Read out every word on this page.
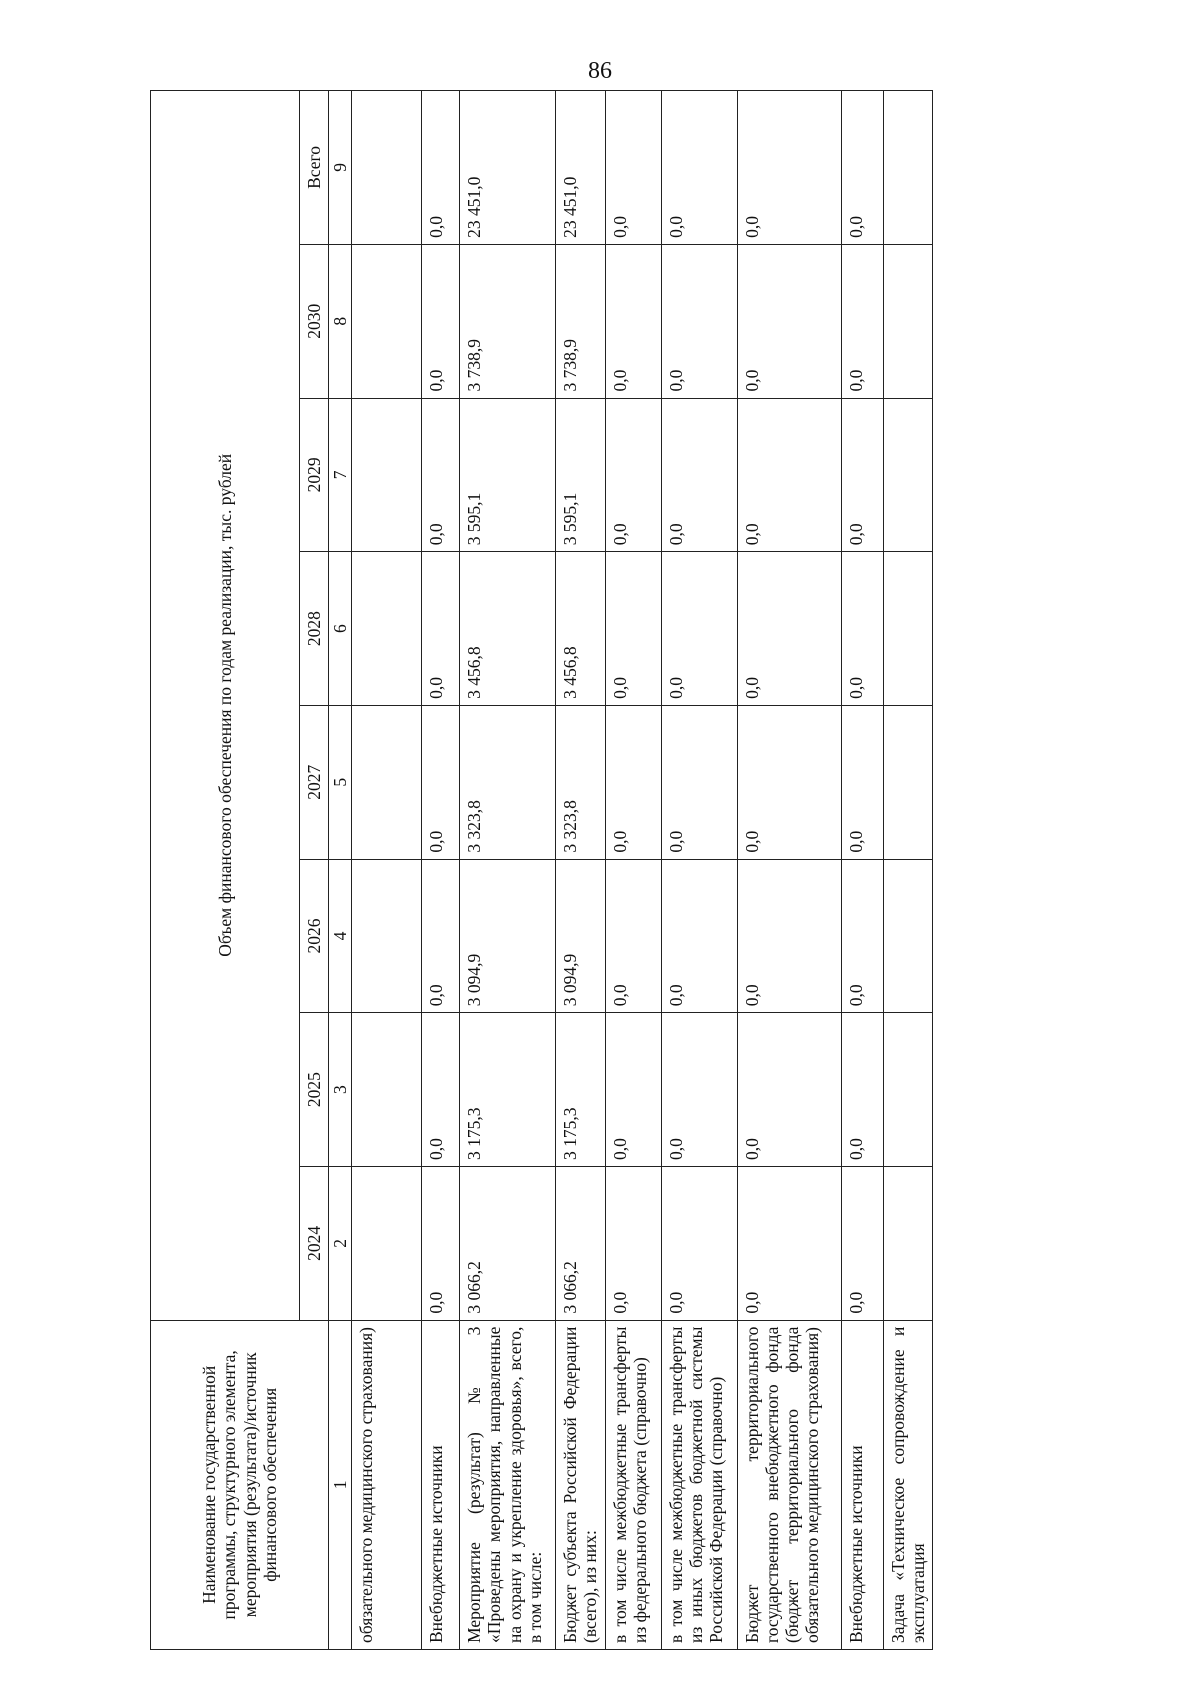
86
Наименование государственной программы, структурного элемента, мероприятия (результата)/источник финансового обеспечения	Объем финансового обеспечения по годам реализации, тыс. рублей							
	2024	2025	2026	2027	2028	2029	2030	Всего
1	2	3	4	5	6	7	8	9
обязательного медицинского страхования)								
Внебюджетные источники	0,0	0,0	0,0	0,0	0,0	0,0	0,0	0,0
Мероприятие (результат) № 3 «Проведены мероприятия, направленные на охрану и укрепление здоровья», всего, в том числе:	3 066,2	3 175,3	3 094,9	3 323,8	3 456,8	3 595,1	3 738,9	23 451,0
Бюджет субъекта Российской Федерации (всего), из них:	3 066,2	3 175,3	3 094,9	3 323,8	3 456,8	3 595,1	3 738,9	23 451,0
в том числе межбюджетные трансферты из федерального бюджета (справочно)	0,0	0,0	0,0	0,0	0,0	0,0	0,0	0,0
в том числе межбюджетные трансферты из иных бюджетов бюджетной системы Российской Федерации (справочно)	0,0	0,0	0,0	0,0	0,0	0,0	0,0	0,0
Бюджет территориального государственного внебюджетного фонда (бюджет территориального фонда обязательного медицинского страхования)	0,0	0,0	0,0	0,0	0,0	0,0	0,0	0,0
Внебюджетные источники	0,0	0,0	0,0	0,0	0,0	0,0	0,0	0,0
Задача «Техническое сопровождение и эксплуатация								
